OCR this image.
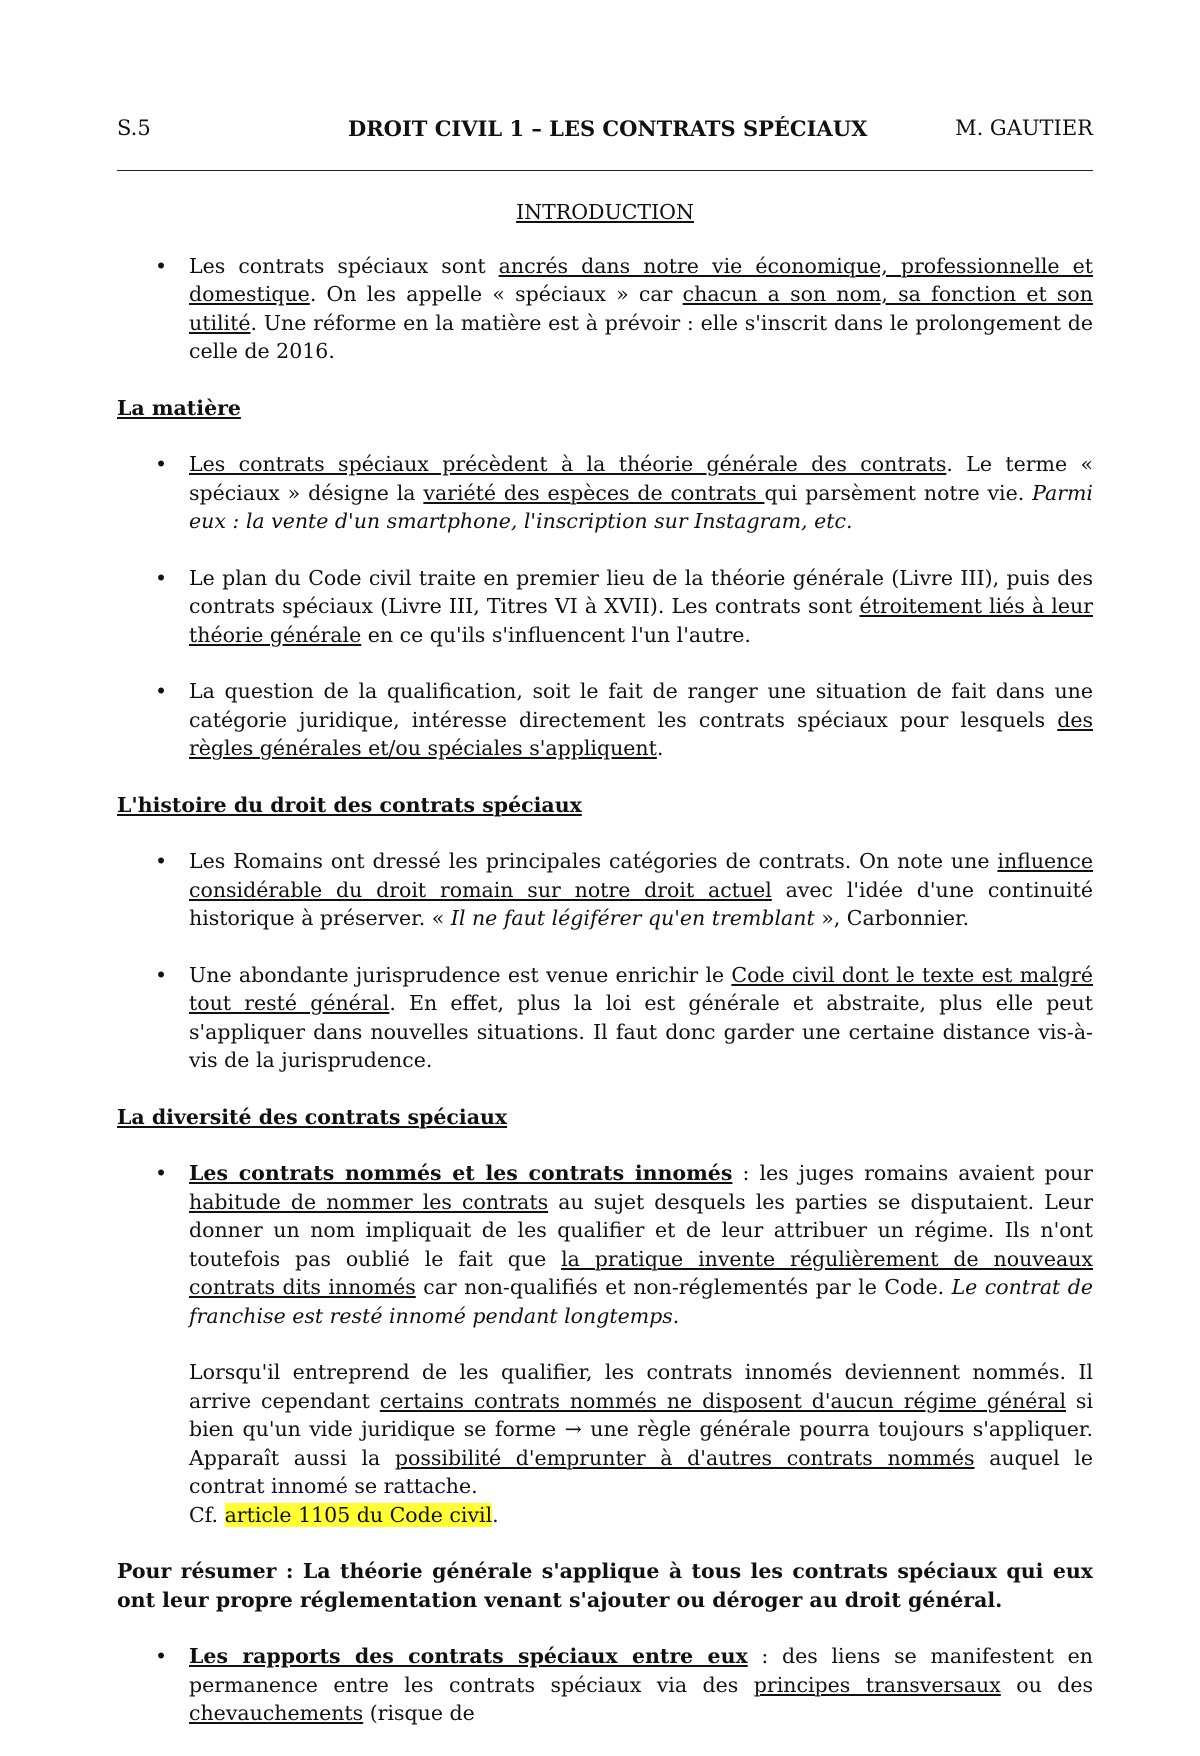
S.5	DROIT CIVIL 1 – LES CONTRATS SPÉCIAUX	M. GAUTIER
INTRODUCTION
• Les contrats spéciaux sont ancrés dans notre vie économique, professionnelle et domestique. On les appelle « spéciaux » car chacun a son nom, sa fonction et son utilité. Une réforme en la matière est à prévoir : elle s'inscrit dans le prolongement de celle de 2016.
La matière
• Les contrats spéciaux précèdent à la théorie générale des contrats. Le terme « spéciaux » désigne la variété des espèces de contrats qui parsèment notre vie. Parmi eux : la vente d'un smartphone, l'inscription sur Instagram, etc.
• Le plan du Code civil traite en premier lieu de la théorie générale (Livre III), puis des contrats spéciaux (Livre III, Titres VI à XVII). Les contrats sont étroitement liés à leur théorie générale en ce qu'ils s'influencent l'un l'autre.
• La question de la qualification, soit le fait de ranger une situation de fait dans une catégorie juridique, intéresse directement les contrats spéciaux pour lesquels des règles générales et/ou spéciales s'appliquent.
L'histoire du droit des contrats spéciaux
• Les Romains ont dressé les principales catégories de contrats. On note une influence considérable du droit romain sur notre droit actuel avec l'idée d'une continuité historique à préserver. « Il ne faut légiférer qu'en tremblant », Carbonnier.
• Une abondante jurisprudence est venue enrichir le Code civil dont le texte est malgré tout resté général. En effet, plus la loi est générale et abstraite, plus elle peut s'appliquer dans nouvelles situations. Il faut donc garder une certaine distance vis-à-vis de la jurisprudence.
La diversité des contrats spéciaux
• Les contrats nommés et les contrats innomés : les juges romains avaient pour habitude de nommer les contrats au sujet desquels les parties se disputaient. Leur donner un nom impliquait de les qualifier et de leur attribuer un régime. Ils n'ont toutefois pas oublié le fait que la pratique invente régulièrement de nouveaux contrats dits innomés car non-qualifiés et non-réglementés par le Code. Le contrat de franchise est resté innomé pendant longtemps.
Lorsqu'il entreprend de les qualifier, les contrats innomés deviennent nommés. Il arrive cependant certains contrats nommés ne disposent d'aucun régime général si bien qu'un vide juridique se forme → une règle générale pourra toujours s'appliquer. Apparaît aussi la possibilité d'emprunter à d'autres contrats nommés auquel le contrat innomé se rattache.
Cf. article 1105 du Code civil.
Pour résumer : La théorie générale s'applique à tous les contrats spéciaux qui eux ont leur propre réglementation venant s'ajouter ou déroger au droit général.
• Les rapports des contrats spéciaux entre eux : des liens se manifestent en permanence entre les contrats spéciaux via des principes transversaux ou des chevauchements (risque de
